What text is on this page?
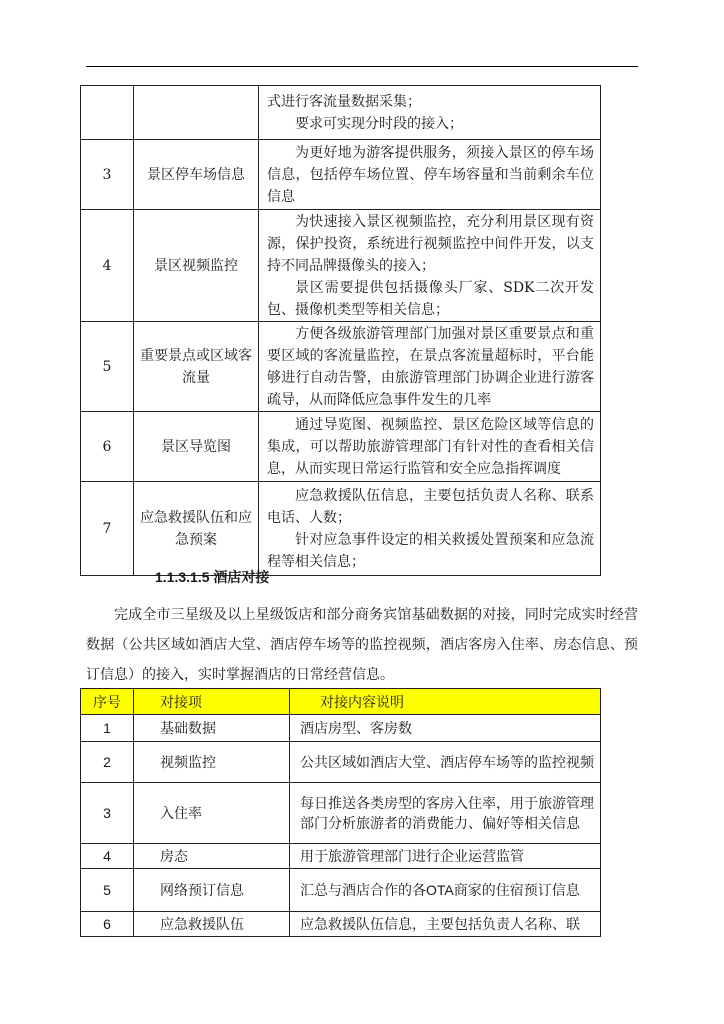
		式进行客流量数据采集；

要求可实现分时段的接入；

3	景区停车场信息	为更好地为游客提供服务，须接入景区的停车场信息，包括停车场位置、停车场容量和当前剩余车位信息

4	景区视频监控	为快速接入景区视频监控，充分利用景区现有资源，保护投资，系统进行视频监控中间件开发，以支持不同品牌摄像头的接入；

景区需要提供包括摄像头厂家、SDK二次开发包、摄像机类型等相关信息；

5	重要景点或区域客流量	方便各级旅游管理部门加强对景区重要景点和重要区域的客流量监控，在景点客流量超标时，平台能够进行自动告警，由旅游管理部门协调企业进行游客疏导，从而降低应急事件发生的几率

6	景区导览图	通过导览图、视频监控、景区危险区域等信息的集成，可以帮助旅游管理部门有针对性的查看相关信息，从而实现日常运行监管和安全应急指挥调度

7	应急救援队伍和应急预案	应急救援队伍信息，主要包括负责人名称、联系电话、人数；

针对应急事件设定的相关救援处置预案和应急流程等相关信息；

1.1.3.1.5 酒店对接

完成全市三星级及以上星级饭店和部分商务宾馆基础数据的对接，同时完成实时经营数据（公共区域如酒店大堂、酒店停车场等的监控视频，酒店客房入住率、房态信息、预订信息）的接入，实时掌握酒店的日常经营信息。

序号	对接项	对接内容说明
1	基础数据	酒店房型、客房数
2	视频监控	公共区域如酒店大堂、酒店停车场等的监控视频
3	入住率	每日推送各类房型的客房入住率，用于旅游管理部门分析旅游者的消费能力、偏好等相关信息
4	房态	用于旅游管理部门进行企业运营监管
5	网络预订信息	汇总与酒店合作的各OTA商家的住宿预订信息
6	应急救援队伍	应急救援队伍信息，主要包括负责人名称、联
